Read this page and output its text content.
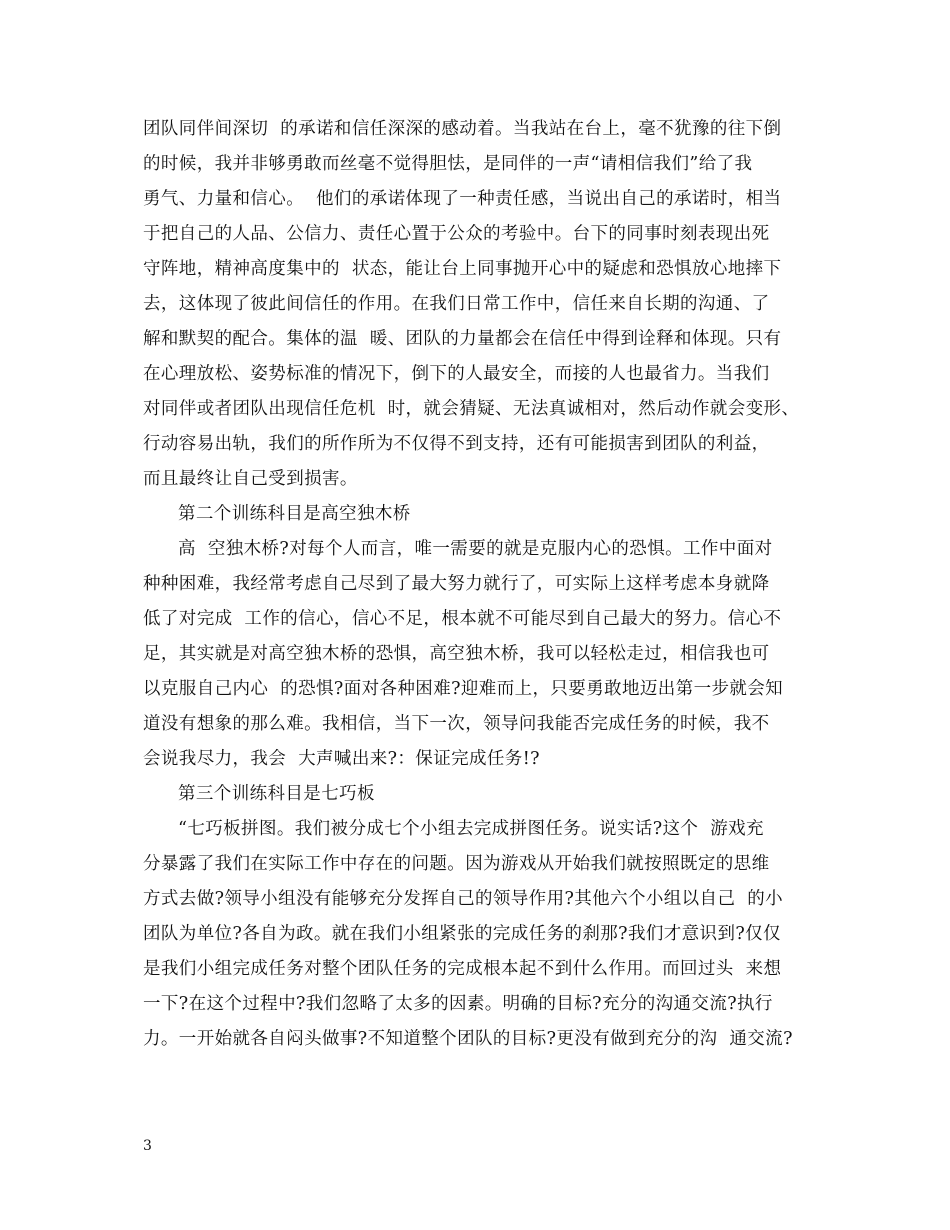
团队同伴间深切  的承诺和信任深深的感动着。当我站在台上，毫不犹豫的往下倒
的时候，我并非够勇敢而丝毫不觉得胆怯，是同伴的一声“请相信我们”给了我
勇气、力量和信心。  他们的承诺体现了一种责任感，当说出自己的承诺时，相当
于把自己的人品、公信力、责任心置于公众的考验中。台下的同事时刻表现出死
守阵地，精神高度集中的  状态，能让台上同事抛开心中的疑虑和恐惧放心地摔下
去，这体现了彼此间信任的作用。在我们日常工作中，信任来自长期的沟通、了
解和默契的配合。集体的温  暖、团队的力量都会在信任中得到诠释和体现。只有
在心理放松、姿势标准的情况下，倒下的人最安全，而接的人也最省力。当我们
对同伴或者团队出现信任危机  时，就会猜疑、无法真诚相对，然后动作就会变形、
行动容易出轨，我们的所作所为不仅得不到支持，还有可能损害到团队的利益，
而且最终让自己受到损害。
第二个训练科目是高空独木桥
高  空独木桥?对每个人而言，唯一需要的就是克服内心的恐惧。工作中面对
种种困难，我经常考虑自己尽到了最大努力就行了，可实际上这样考虑本身就降
低了对完成  工作的信心，信心不足，根本就不可能尽到自己最大的努力。信心不
足，其实就是对高空独木桥的恐惧，高空独木桥，我可以轻松走过，相信我也可
以克服自己内心  的恐惧?面对各种困难?迎难而上，只要勇敢地迈出第一步就会知
道没有想象的那么难。我相信，当下一次，领导问我能否完成任务的时候，我不
会说我尽力，我会  大声喊出来?：保证完成任务!?
第三个训练科目是七巧板
“七巧板拼图。我们被分成七个小组去完成拼图任务。说实话?这个  游戏充
分暴露了我们在实际工作中存在的问题。因为游戏从开始我们就按照既定的思维
方式去做?领导小组没有能够充分发挥自己的领导作用?其他六个小组以自己  的小
团队为单位?各自为政。就在我们小组紧张的完成任务的刹那?我们才意识到?仅仅
是我们小组完成任务对整个团队任务的完成根本起不到什么作用。而回过头  来想
一下?在这个过程中?我们忽略了太多的因素。明确的目标?充分的沟通交流?执行
力。一开始就各自闷头做事?不知道整个团队的目标?更没有做到充分的沟  通交流?
3
